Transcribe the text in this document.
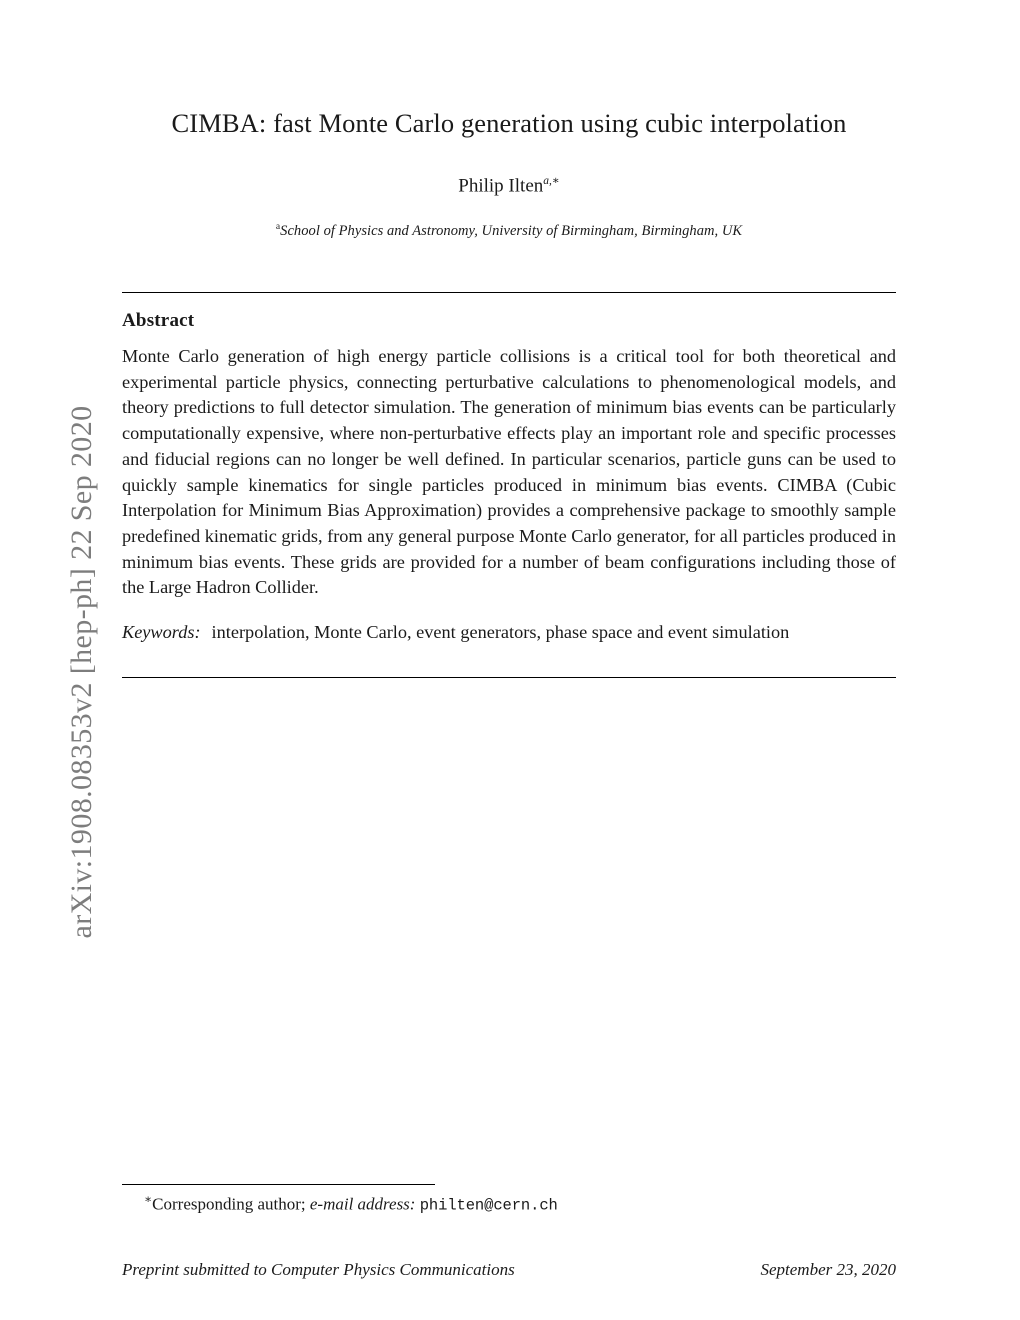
arXiv:1908.08353v2 [hep-ph] 22 Sep 2020
CIMBA: fast Monte Carlo generation using cubic interpolation

Philip Ilten$^{a,∗}$

$^a$School of Physics and Astronomy, University of Birmingham, Birmingham, UK

Abstract
Monte Carlo generation of high energy particle collisions is a critical tool for both theoretical and experimental particle physics, connecting perturbative calculations to phenomenological models, and theory predictions to full detector simulation. The generation of minimum bias events can be particularly computationally expensive, where non-perturbative effects play an important role and specific processes and fiducial regions can no longer be well defined. In particular scenarios, particle guns can be used to quickly sample kinematics for single particles produced in minimum bias events. CIMBA (Cubic Interpolation for Minimum Bias Approximation) provides a comprehensive package to smoothly sample predefined kinematic grids, from any general purpose Monte Carlo generator, for all particles produced in minimum bias events. These grids are provided for a number of beam configurations including those of the Large Hadron Collider.
Keywords: interpolation, Monte Carlo, event generators, phase space and event simulation
∗Corresponding author; e-mail address: philten@cern.ch
Preprint submitted to Computer Physics Communications	September 23, 2020
